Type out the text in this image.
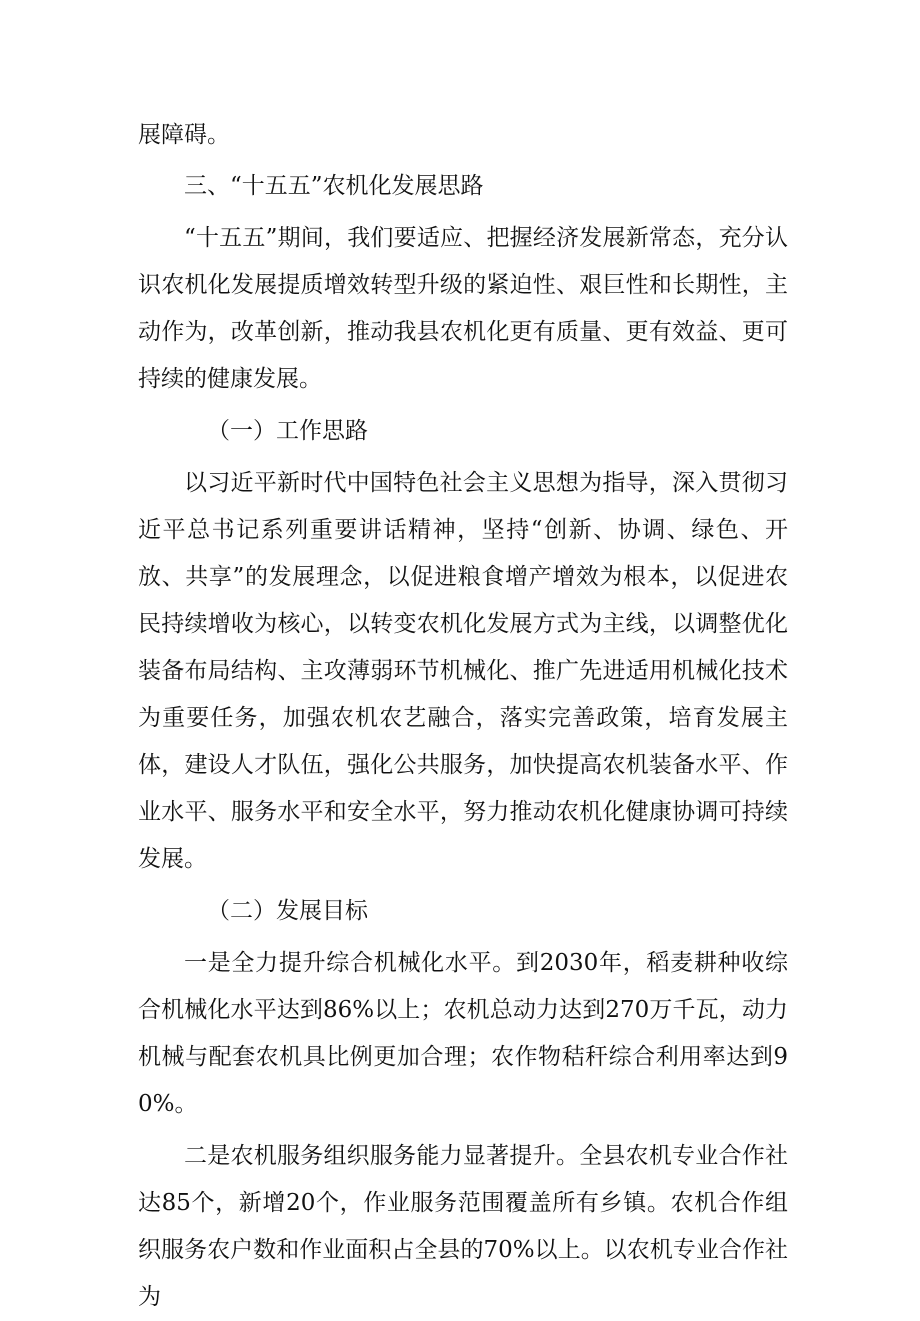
展障碍。

三、“十五五”农机化发展思路

“十五五”期间，我们要适应、把握经济发展新常态，充分认识农机化发展提质增效转型升级的紧迫性、艰巨性和长期性，主动作为，改革创新，推动我县农机化更有质量、更有效益、更可持续的健康发展。

（一）工作思路

以习近平新时代中国特色社会主义思想为指导，深入贯彻习近平总书记系列重要讲话精神，坚持“创新、协调、绿色、开放、共享”的发展理念，以促进粮食增产增效为根本，以促进农民持续增收为核心，以转变农机化发展方式为主线，以调整优化装备布局结构、主攻薄弱环节机械化、推广先进适用机械化技术为重要任务，加强农机农艺融合，落实完善政策，培育发展主体，建设人才队伍，强化公共服务，加快提高农机装备水平、作业水平、服务水平和安全水平，努力推动农机化健康协调可持续发展。

（二）发展目标

一是全力提升综合机械化水平。到2030年，稻麦耕种收综合机械化水平达到86%以上；农机总动力达到270万千瓦，动力机械与配套农机具比例更加合理；农作物秸秆综合利用率达到90%。

二是农机服务组织服务能力显著提升。全县农机专业合作社达85个，新增20个，作业服务范围覆盖所有乡镇。农机合作组织服务农户数和作业面积占全县的70%以上。以农机专业合作社为
